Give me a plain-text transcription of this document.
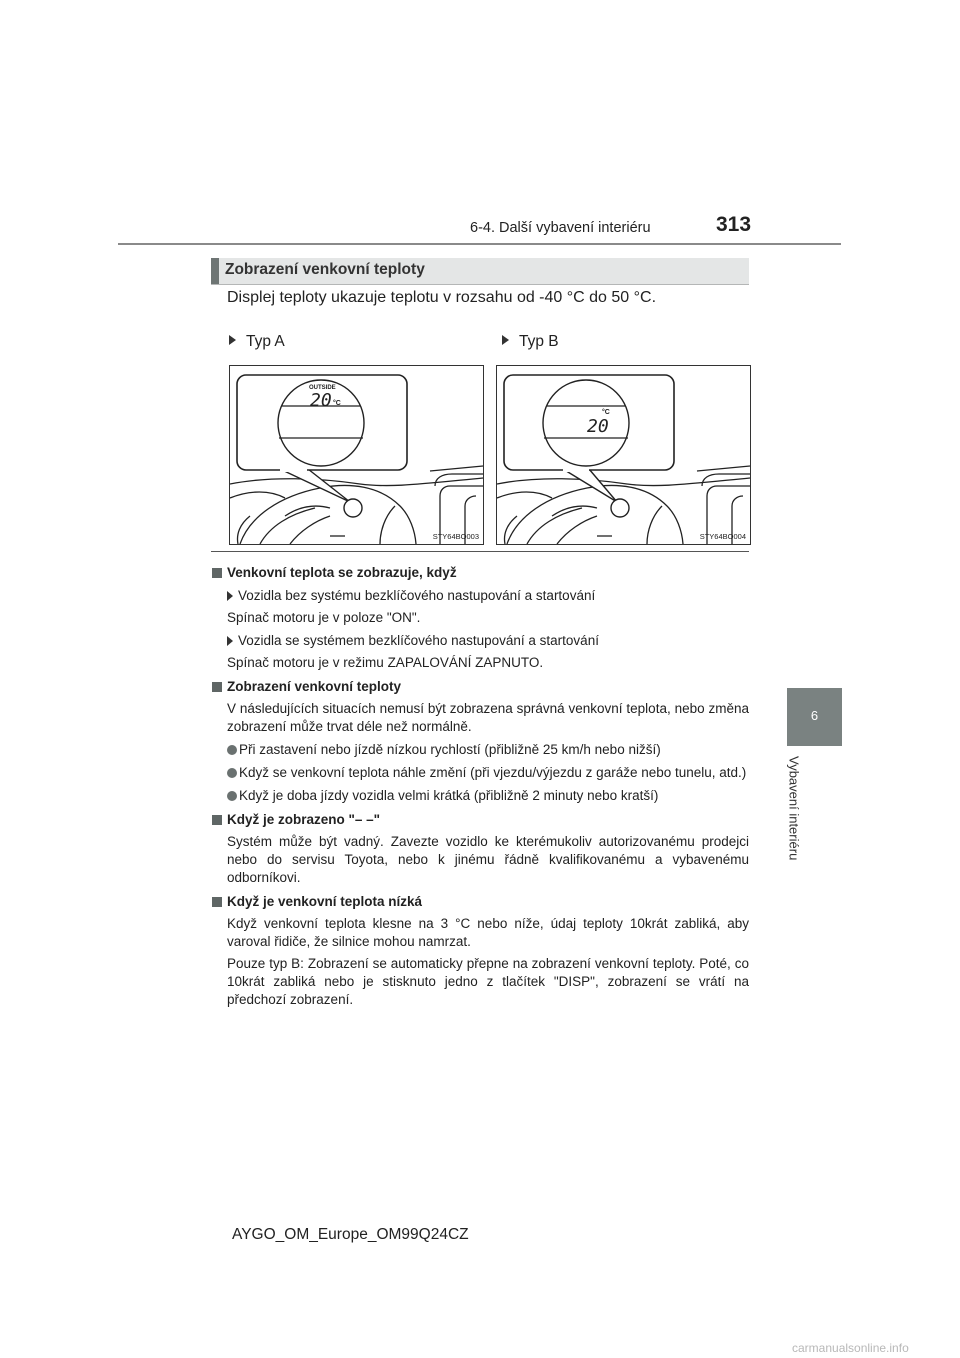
6-4. Další vybavení interiéru	313
6
Vybavení interiéru
Zobrazení venkovní teploty
Displej teploty ukazuje teplotu v rozsahu od -40 °C do 50 °C.
Typ A	Typ B
OUTSIDE
20 °C
STY64BO003
°C
20
STY64BO004
Venkovní teplota se zobrazuje, když
Vozidla bez systému bezklíčového nastupování a startování
Spínač motoru je v poloze "ON".
Vozidla se systémem bezklíčového nastupování a startování
Spínač motoru je v režimu ZAPALOVÁNÍ ZAPNUTO.
Zobrazení venkovní teploty
V následujících situacích nemusí být zobrazena správná venkovní teplota, nebo změna zobrazení může trvat déle než normálně.
Při zastavení nebo jízdě nízkou rychlostí (přibližně 25 km/h nebo nižší)
Když se venkovní teplota náhle změní (při vjezdu/výjezdu z garáže nebo tunelu, atd.)
Když je doba jízdy vozidla velmi krátká (přibližně 2 minuty nebo kratší)
Když je zobrazeno "– –"
Systém může být vadný. Zavezte vozidlo ke kterémukoliv autorizovanému prodejci nebo do servisu Toyota, nebo k jinému řádně kvalifikovanému a vybavenému odborníkovi.
Když je venkovní teplota nízká
Když venkovní teplota klesne na 3 °C nebo níže, údaj teploty 10krát zabliká, aby varoval řidiče, že silnice mohou namrzat.
Pouze typ B: Zobrazení se automaticky přepne na zobrazení venkovní teploty. Poté, co 10krát zabliká nebo je stisknuto jedno z tlačítek "DISP", zobrazení se vrátí na předchozí zobrazení.
AYGO_OM_Europe_OM99Q24CZ
carmanualsonline.info
